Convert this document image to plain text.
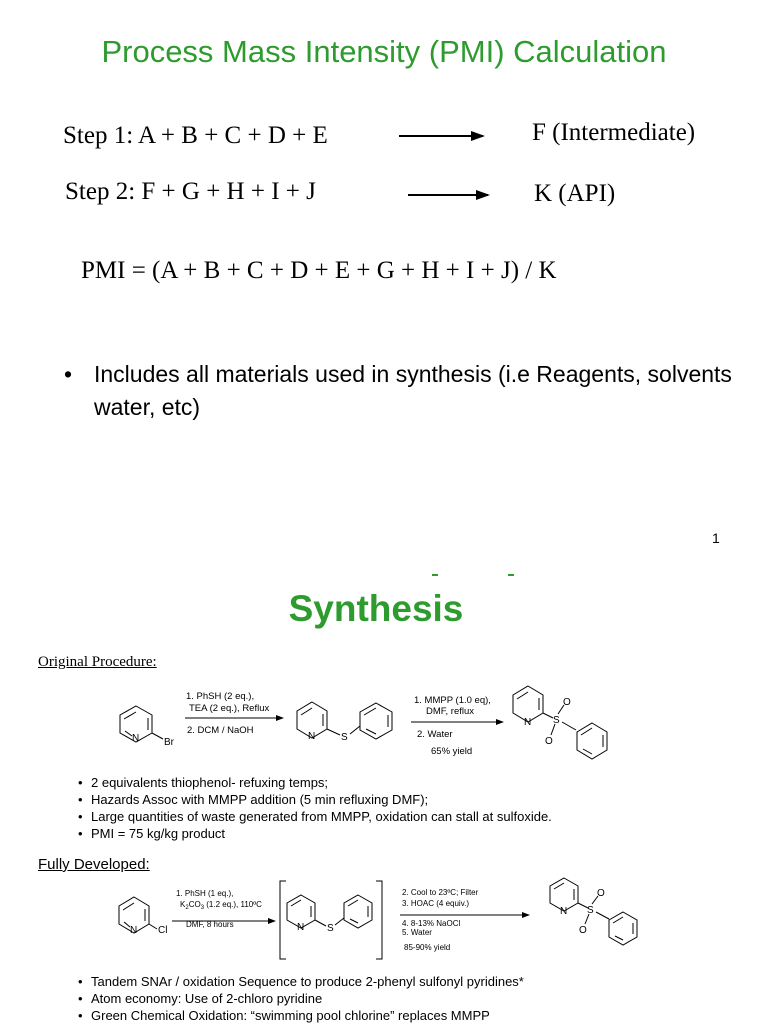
Process Mass Intensity (PMI) Calculation
Step 1: A + B + C + D + E	F (Intermediate)
Step 2: F + G + H + I + J	K (API)
PMI = (A + B + C + D + E + G + H + I + J) / K
• Includes all materials used in synthesis (i.e Reagents, solvents water, etc)
1
Synthesis
Original Procedure:
N Br
N	S
N S
O
O
1. PhSH (2 eq.),
TEA (2 eq.), Reflux
2. DCM / NaOH
1. MMPP (1.0 eq),
DMF, reflux
2. Water
65% yield
• 2 equivalents thiophenol- refuxing temps;
• Hazards Assoc with MMPP addition (5 min refluxing DMF);
• Large quantities of waste generated from MMPP, oxidation can stall at sulfoxide.
• PMI = 75 kg/kg product
Fully Developed:
N Cl	N S
N S
O
O
1. PhSH (1 eq.),
$K_2CO_3$ (1.2 eq.), 110ºC
DMF, 8 hours
2. Cool to 23ºC; Filter
3. HOAC (4 equiv.)
4. 8-13% NaOCl
5. Water
85-90% yield
• Tandem SNAr / oxidation Sequence to produce 2-phenyl sulfonyl pyridines*
• Atom economy: Use of 2-chloro pyridine
• Green Chemical Oxidation: “swimming pool chlorine” replaces MMPP
